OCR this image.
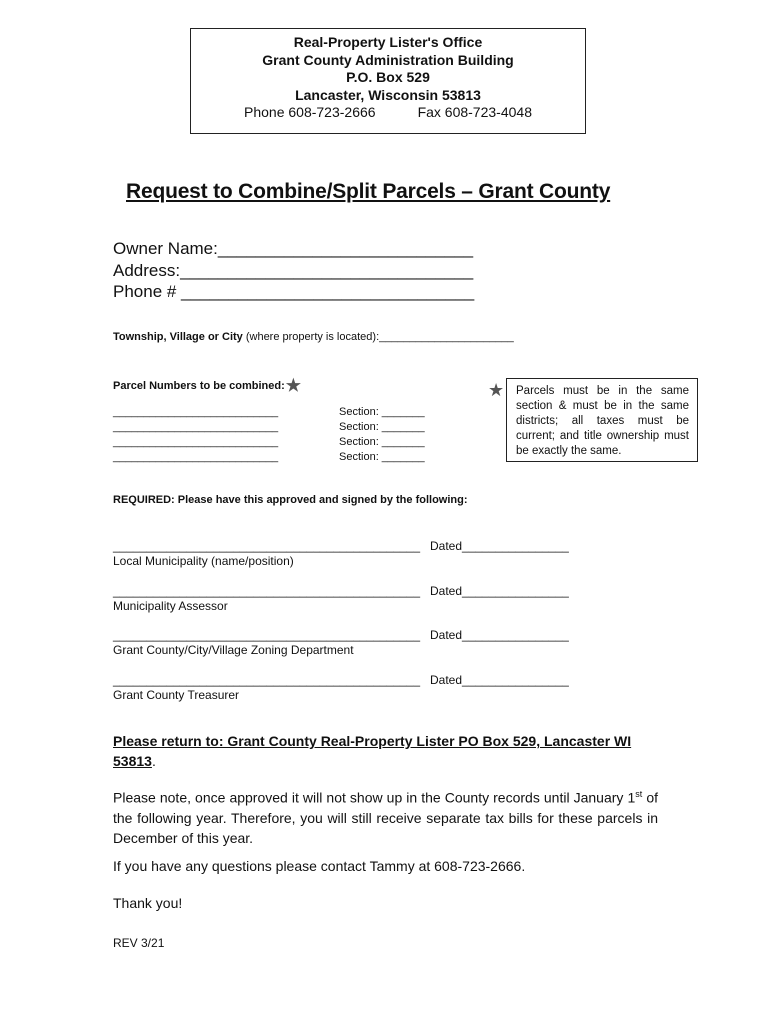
Real-Property Lister's Office
Grant County Administration Building
P.O. Box 529
Lancaster, Wisconsin 53813
Phone 608-723-2666	Fax 608-723-4048
Request to Combine/Split Parcels – Grant County
Owner Name:___________________________
Address:_______________________________
Phone # _______________________________
Township, Village or City (where property is located):______________________
Parcel Numbers to be combined:★
___________________________
___________________________
___________________________
___________________________
Section: _______
Section: _______
Section: _______
Section: _______
★	Parcels must be in the same section & must be in the same districts; all taxes must be current; and title ownership must be exactly the same.
REQUIRED: Please have this approved and signed by the following:
______________________________________________ Dated________________
Local Municipality (name/position)
______________________________________________ Dated________________
Municipality Assessor
______________________________________________ Dated________________
Grant County/City/Village Zoning Department
______________________________________________ Dated________________
Grant County Treasurer
Please return to: Grant County Real-Property Lister PO Box 529, Lancaster WI 53813.
Please note, once approved it will not show up in the County records until January 1st of the following year. Therefore, you will still receive separate tax bills for these parcels in December of this year.
If you have any questions please contact Tammy at 608-723-2666.
Thank you!
REV 3/21
